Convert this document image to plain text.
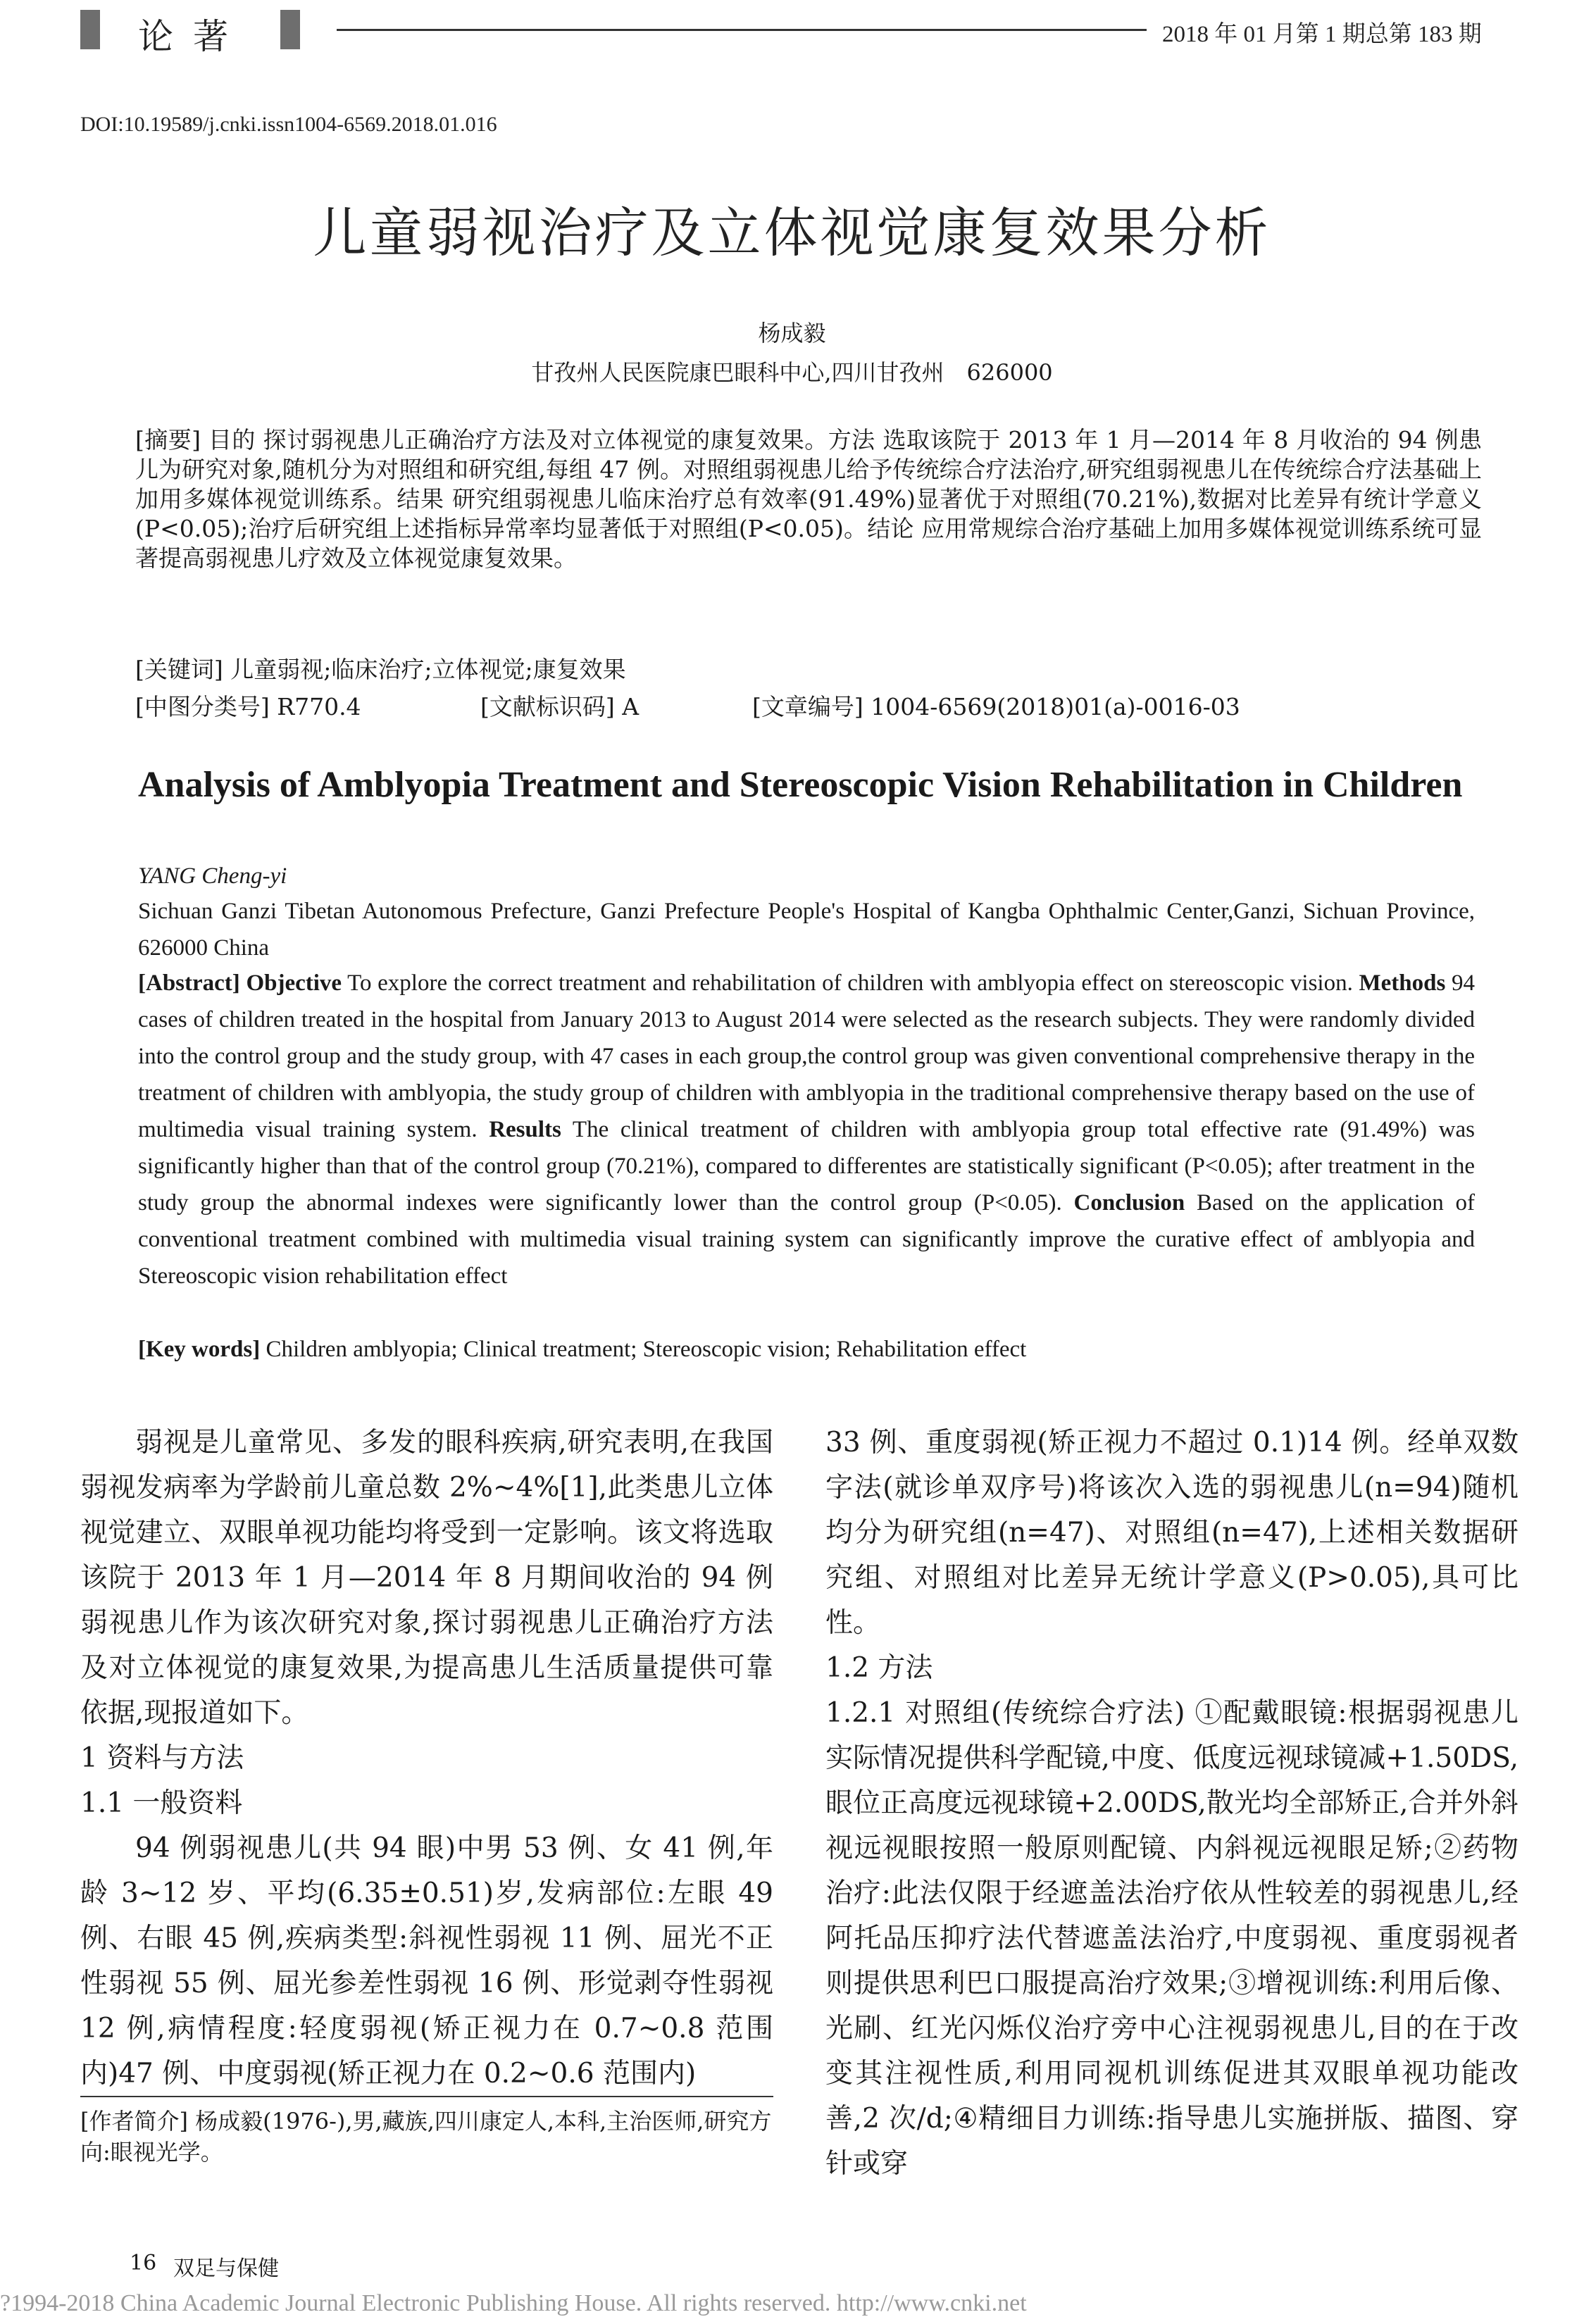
论著	2018 年 01 月第 1 期总第 183 期
DOI:10.19589/j.cnki.issn1004-6569.2018.01.016
儿童弱视治疗及立体视觉康复效果分析
杨成毅
甘孜州人民医院康巴眼科中心,四川甘孜州　626000
[摘要] 目的 探讨弱视患儿正确治疗方法及对立体视觉的康复效果。方法 选取该院于 2013 年 1 月—2014 年 8 月收治的 94 例患儿为研究对象,随机分为对照组和研究组,每组 47 例。对照组弱视患儿给予传统综合疗法治疗,研究组弱视患儿在传统综合疗法基础上加用多媒体视觉训练系。结果 研究组弱视患儿临床治疗总有效率(91.49%)显著优于对照组(70.21%),数据对比差异有统计学意义(P<0.05);治疗后研究组上述指标异常率均显著低于对照组(P<0.05)。结论 应用常规综合治疗基础上加用多媒体视觉训练系统可显著提高弱视患儿疗效及立体视觉康复效果。
[关键词] 儿童弱视;临床治疗;立体视觉;康复效果
[中图分类号] R770.4	[文献标识码] A	[文章编号] 1004-6569(2018)01(a)-0016-03
Analysis of Amblyopia Treatment and Stereoscopic Vision Rehabilitation in Children
YANG Cheng-yi
Sichuan Ganzi Tibetan Autonomous Prefecture, Ganzi Prefecture People's Hospital of Kangba Ophthalmic Center,Ganzi, Sichuan Province, 626000 China
[Abstract] Objective To explore the correct treatment and rehabilitation of children with amblyopia effect on stereoscopic vision. Methods 94 cases of children treated in the hospital from January 2013 to August 2014 were selected as the research subjects. They were randomly divided into the control group and the study group, with 47 cases in each group,the control group was given conventional comprehensive therapy in the treatment of children with amblyopia, the study group of children with amblyopia in the traditional comprehensive therapy based on the use of multimedia visual training system. Results The clinical treatment of children with amblyopia group total effective rate (91.49%) was significantly higher than that of the control group (70.21%), compared to differentes are statistically significant (P<0.05); after treatment in the study group the abnormal indexes were significantly lower than the control group (P<0.05). Conclusion Based on the application of conventional treatment combined with multimedia visual training system can significantly improve the curative effect of amblyopia and Stereoscopic vision rehabilitation effect
[Key words] Children amblyopia; Clinical treatment; Stereoscopic vision; Rehabilitation effect

弱视是儿童常见、多发的眼科疾病,研究表明,在我国弱视发病率为学龄前儿童总数 2%~4%[1],此类患儿立体视觉建立、双眼单视功能均将受到一定影响。该文将选取该院于 2013 年 1 月—2014 年 8 月期间收治的 94 例弱视患儿作为该次研究对象,探讨弱视患儿正确治疗方法及对立体视觉的康复效果,为提高患儿生活质量提供可靠依据,现报道如下。

1 资料与方法

1.1 一般资料

94 例弱视患儿(共 94 眼)中男 53 例、女 41 例,年龄 3~12 岁、平均(6.35±0.51)岁,发病部位:左眼 49 例、右眼 45 例,疾病类型:斜视性弱视 11 例、屈光不正性弱视 55 例、屈光参差性弱视 16 例、形觉剥夺性弱视 12 例,病情程度:轻度弱视(矫正视力在 0.7~0.8 范围内)47 例、中度弱视(矫正视力在 0.2~0.6 范围内)

[作者简介] 杨成毅(1976-),男,藏族,四川康定人,本科,主治医师,研究方向:眼视光学。

33 例、重度弱视(矫正视力不超过 0.1)14 例。经单双数字法(就诊单双序号)将该次入选的弱视患儿(n=94)随机均分为研究组(n=47)、对照组(n=47),上述相关数据研究组、对照组对比差异无统计学意义(P>0.05),具可比性。

1.2 方法

1.2.1 对照组(传统综合疗法) ①配戴眼镜:根据弱视患儿实际情况提供科学配镜,中度、低度远视球镜减+1.50DS,眼位正高度远视球镜+2.00DS,散光均全部矫正,合并外斜视远视眼按照一般原则配镜、内斜视远视眼足矫;②药物治疗:此法仅限于经遮盖法治疗依从性较差的弱视患儿,经阿托品压抑疗法代替遮盖法治疗,中度弱视、重度弱视者则提供思利巴口服提高治疗效果;③增视训练:利用后像、光刷、红光闪烁仪治疗旁中心注视弱视患儿,目的在于改变其注视性质,利用同视机训练促进其双眼单视功能改善,2 次/d;④精细目力训练:指导患儿实施拼版、描图、穿针或穿

16 双足与保健
?1994-2018 China Academic Journal Electronic Publishing House. All rights reserved. http://www.cnki.net
